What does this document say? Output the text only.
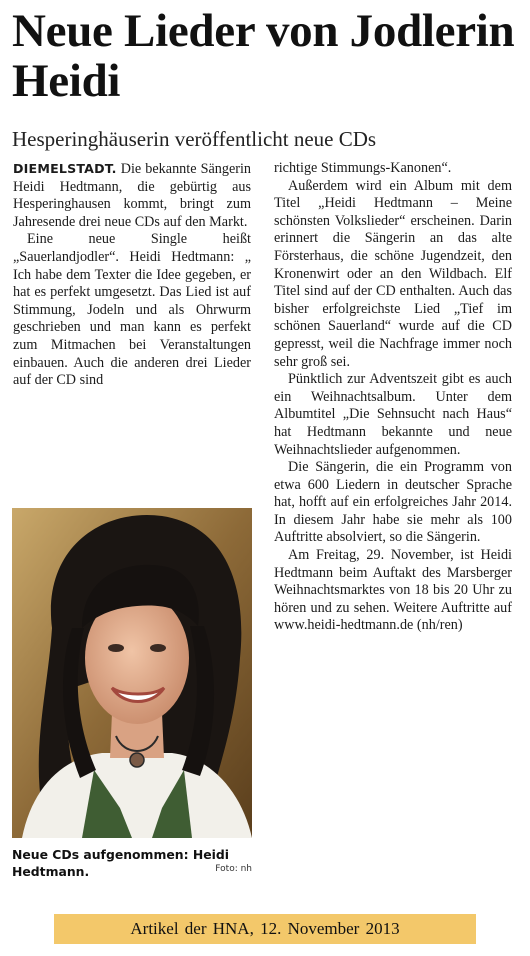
Neue Lieder von Jodlerin Heidi
Hesperinghäuserin veröffentlicht neue CDs

DIEMELSTADT. Die bekannte Sängerin Heidi Hedtmann, die gebürtig aus Hesperinghausen kommt, bringt zum Jahresende drei neue CDs auf den Markt.

Eine neue Single heißt „Sauerlandjodler“. Heidi Hedtmann: „ Ich habe dem Texter die Idee gegeben, er hat es perfekt umgesetzt. Das Lied ist auf Stimmung, Jodeln und als Ohrwurm geschrieben und man kann es perfekt zum Mitmachen bei Veranstaltungen einbauen. Auch die anderen drei Lieder auf der CD sind

Neue CDs aufgenommen: Heidi Hedtmann.	Foto: nh

richtige Stimmungs-Kanonen“.

Außerdem wird ein Album mit dem Titel „Heidi Hedtmann – Meine schönsten Volkslieder“ erscheinen. Darin erinnert die Sängerin an das alte Försterhaus, die schöne Jugendzeit, den Kronenwirt oder an den Wildbach. Elf Titel sind auf der CD enthalten. Auch das bisher erfolgreichste Lied „Tief im schönen Sauerland“ wurde auf die CD gepresst, weil die Nachfrage immer noch sehr groß sei.

Pünktlich zur Adventszeit gibt es auch ein Weihnachtsalbum. Unter dem Albumtitel „Die Sehnsucht nach Haus“ hat Hedtmann bekannte und neue Weihnachtslieder aufgenommen.

Die Sängerin, die ein Programm von etwa 600 Liedern in deutscher Sprache hat, hofft auf ein erfolgreiches Jahr 2014. In diesem Jahr habe sie mehr als 100 Auftritte absolviert, so die Sängerin.

Am Freitag, 29. November, ist Heidi Hedtmann beim Auftakt des Marsberger Weihnachtsmarktes von 18 bis 20 Uhr zu hören und zu sehen. Weitere Auftritte auf www.heidi-hedtmann.de (nh/ren)

Artikel der HNA, 12. November 2013
